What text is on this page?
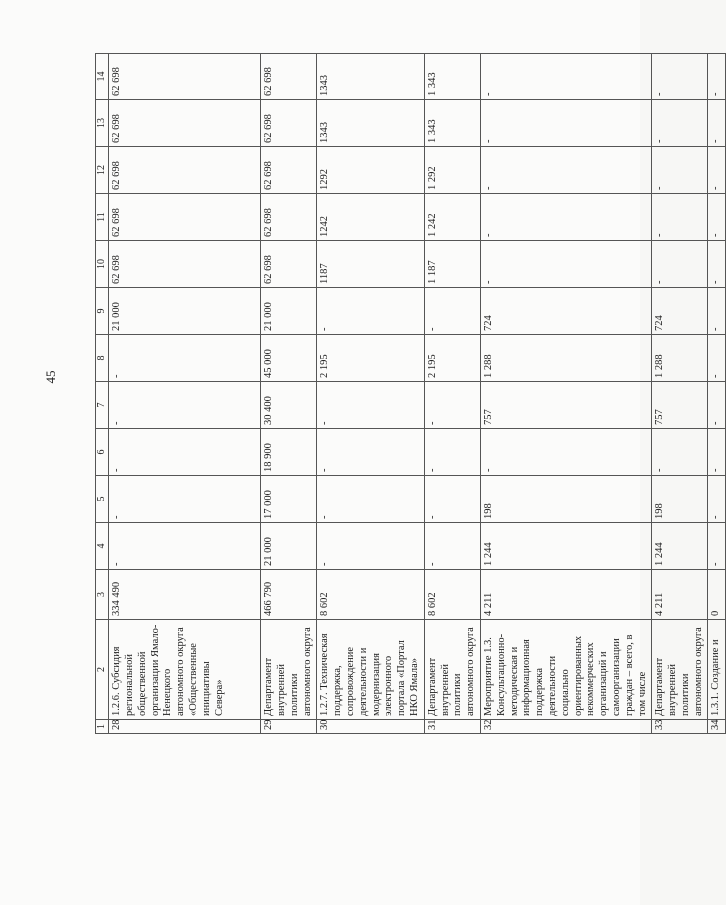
45
1	2	3	4	5	6	7	8	9	10	11	12	13	14
28	1.2.6. Субсидия региональной общественной организации Ямало-Ненецкого автономного округа «Общественные инициативы Севера»	334 490	-	-	-	-	-	21 000	62 698	62 698	62 698	62 698	62 698
29	Департамент внутренней политики автономного округа	466 790	21 000	17 000	18 900	30 400	45 000	21 000	62 698	62 698	62 698	62 698	62 698
30	1.2.7. Техническая поддержка, сопровождение деятельности и модернизация электронного портала «Портал НКО Ямала»	8 602	-	-	-	-	2 195	-	1187	1242	1292	1343	1343
31	Департамент внутренней политики автономного округа	8 602	-	-	-	-	2 195	-	1 187	1 242	1 292	1 343	1 343
32	Мероприятие 1.3. Консультационно-методическая и информационная поддержка деятельности социально ориентированных некоммерческих организаций и самоорганизации граждан – всего, в том числе	4 211	1 244	198	-	757	1 288	724	-	-	-	-	-
33	Департамент внутренней политики автономного округа	4 211	1 244	198	-	757	1 288	724	-	-	-	-	-
34	1.3.1. Создание и	0	-	-	-	-	-	-	-	-	-	-	-
